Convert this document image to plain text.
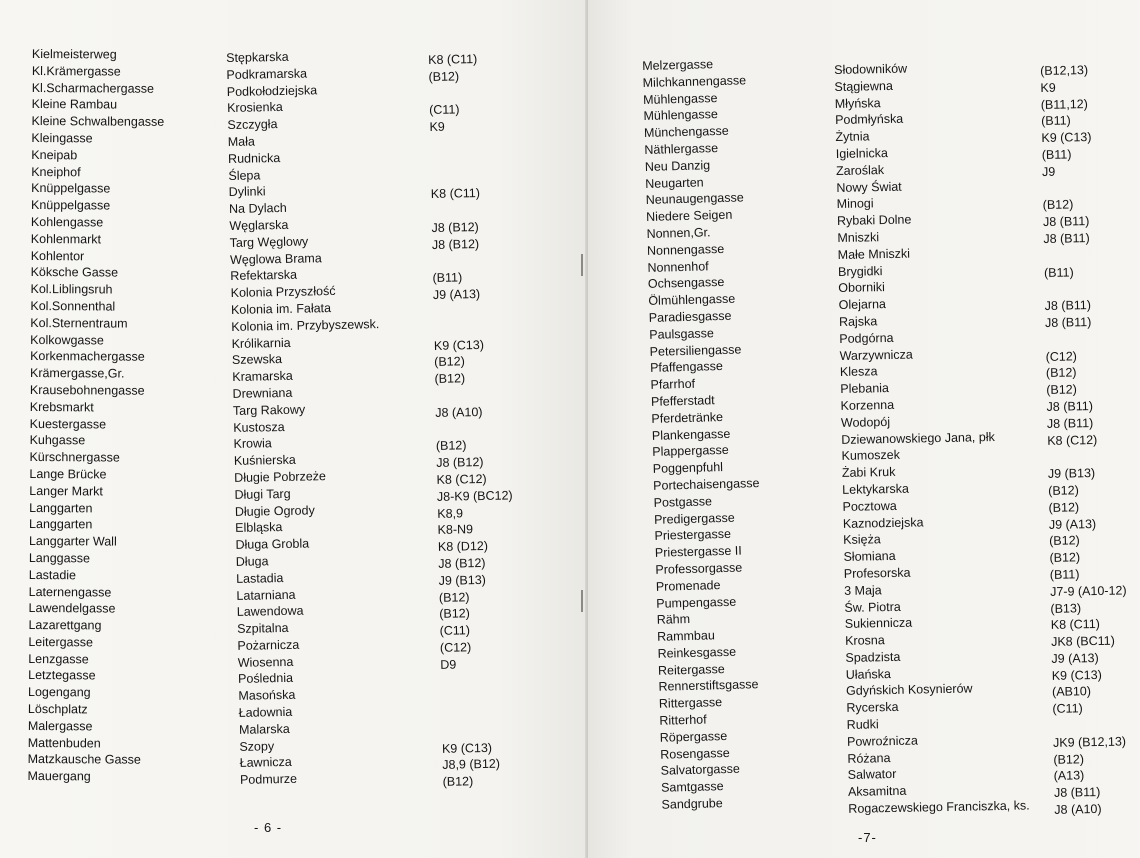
Kielmeisterweg
Kl.Krämergasse
Kl.Scharmachergasse
Kleine Rambau
Kleine Schwalbengasse
Kleingasse
Kneipab
Kneiphof
Knüppelgasse
Knüppelgasse
Kohlengasse
Kohlenmarkt
Kohlentor
Köksche Gasse
Kol.Liblingsruh
Kol.Sonnenthal
Kol.Sternentraum
Kolkowgasse
Korkenmachergasse
Krämergasse,Gr.
Krausebohnengasse
Krebsmarkt
Kuestergasse
Kuhgasse
Kürschnergasse
Lange Brücke
Langer Markt
Langgarten
Langgarten
Langgarter Wall
Langgasse
Lastadie
Laternengasse
Lawendelgasse
Lazarettgang
Leitergasse
Lenzgasse
Letztegasse
Logengang
Löschplatz
Malergasse
Mattenbuden
Matzkausche Gasse
Mauergang
Stępkarska
Podkramarska
Podkołodziejska
Krosienka
Szczygła
Mała
Rudnicka
Ślepa
Dylinki
Na Dylach
Węglarska
Targ Węglowy
Węglowa Brama
Refektarska
Kolonia Przyszłość
Kolonia im. Fałata
Kolonia im. Przybyszewsk.
Królikarnia
Szewska
Kramarska
Drewniana
Targ Rakowy
Kustosza
Krowia
Kuśnierska
Długie Pobrzeże
Długi Targ
Długie Ogrody
Elbląska
Długa Grobla
Długa
Lastadia
Latarniana
Lawendowa
Szpitalna
Pożarnicza
Wiosenna
Poślednia
Masońska
Ładownia
Malarska
Szopy
Ławnicza
Podmurze
K8 (C11)
(B12)
(C11)
K9
K8 (C11)
J8 (B12)
J8 (B12)
(B11)
J9 (A13)
K9 (C13)
(B12)
(B12)
J8 (A10)
(B12)
J8 (B12)
K8 (C12)
J8-K9 (BC12)
K8,9
K8-N9
K8 (D12)
J8 (B12)
J9 (B13)
(B12)
(B12)
(C11)
(C12)
D9
K9 (C13)
J8,9 (B12)
(B12)
- 6 -
Melzergasse
Milchkannengasse
Mühlengasse
Mühlengasse
Münchengasse
Näthlergasse
Neu Danzig
Neugarten
Neunaugengasse
Niedere Seigen
Nonnen,Gr.
Nonnengasse
Nonnenhof
Ochsengasse
Ölmühlengasse
Paradiesgasse
Paulsgasse
Petersiliengasse
Pfaffengasse
Pfarrhof
Pfefferstadt
Pferdetränke
Plankengasse
Plappergasse
Poggenpfuhl
Portechaisengasse
Postgasse
Predigergasse
Priestergasse
Priestergasse II
Professorgasse
Promenade
Pumpengasse
Rähm
Rammbau
Reinkesgasse
Reitergasse
Rennerstiftsgasse
Rittergasse
Ritterhof
Röpergasse
Rosengasse
Salvatorgasse
Samtgasse
Sandgrube
Słodowników
Stągiewna
Młyńska
Podmłyńska
Żytnia
Igielnicka
Zaroślak
Nowy Świat
Minogi
Rybaki Dolne
Mniszki
Małe Mniszki
Brygidki
Oborniki
Olejarna
Rajska
Podgórna
Warzywnicza
Klesza
Plebania
Korzenna
Wodopój
Dziewanowskiego Jana, płk
Kumoszek
Żabi Kruk
Lektykarska
Pocztowa
Kaznodziejska
Księża
Słomiana
Profesorska
3 Maja
Św. Piotra
Sukiennicza
Krosna
Spadzista
Ułańska
Gdyńskich Kosynierów
Rycerska
Rudki
Powroźnicza
Różana
Salwator
Aksamitna
Rogaczewskiego Franciszka, ks.
(B12,13)
K9
(B11,12)
(B11)
K9 (C13)
(B11)
J9
(B12)
J8 (B11)
J8 (B11)
(B11)
J8 (B11)
J8 (B11)
(C12)
(B12)
(B12)
J8 (B11)
J8 (B11)
K8 (C12)
J9 (B13)
(B12)
(B12)
J9 (A13)
(B12)
(B12)
(B11)
J7-9 (A10-12)
(B13)
K8 (C11)
JK8 (BC11)
J9 (A13)
K9 (C13)
(AB10)
(C11)
JK9 (B12,13)
(B12)
(A13)
J8 (B11)
J8 (A10)
-7-
